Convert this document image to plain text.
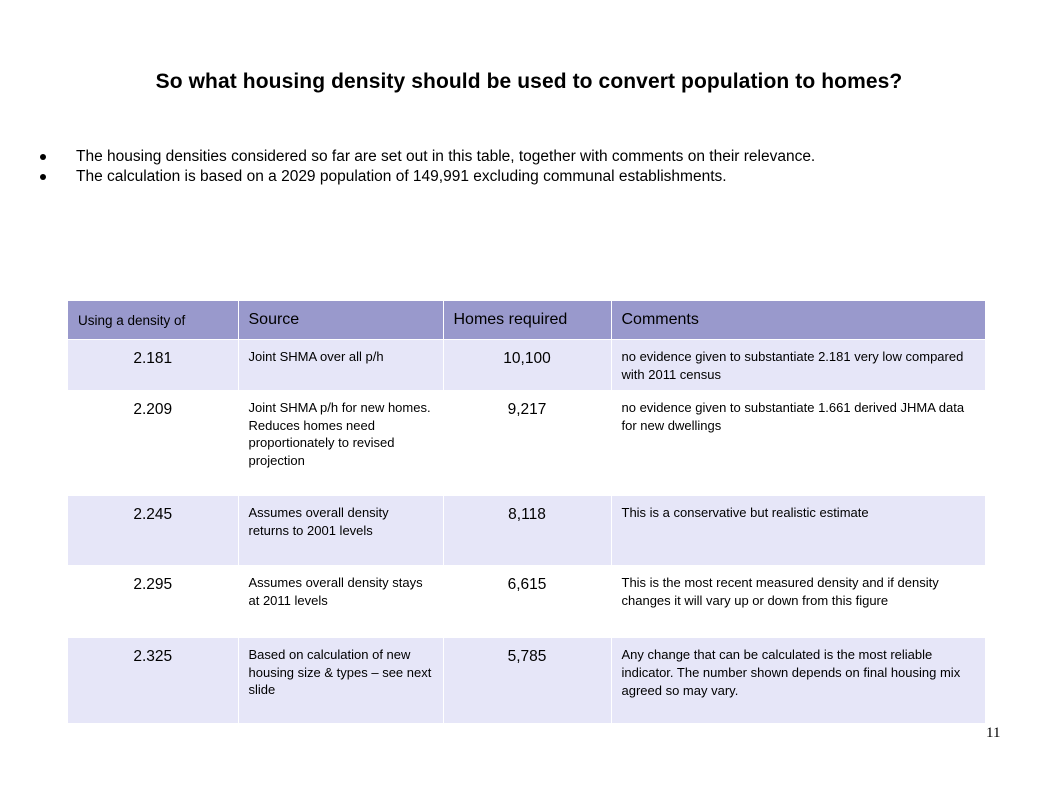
So what housing density should be used to convert population to homes?
The housing densities considered so far are set out in this table, together with comments on their relevance.
The calculation is based on a 2029 population of 149,991 excluding communal establishments.
Using a density of	Source	Homes required	Comments

2.181	Joint SHMA over all p/h	10,100	no evidence given to substantiate 2.181 very low compared with 2011 census

2.209	Joint SHMA p/h for new homes. Reduces homes need proportionately to revised projection	9,217	no evidence given to substantiate 1.661 derived JHMA data for new dwellings

2.245	Assumes overall density returns to 2001 levels	8,118	This is a conservative but realistic estimate

2.295	Assumes overall density stays at 2011 levels	6,615	This is the most recent measured density and if density changes it will vary up or down from this figure

2.325	Based on calculation of new housing size & types – see next slide	5,785	Any change that can be calculated is the most reliable indicator. The number shown depends on final housing mix agreed so may vary.
11
